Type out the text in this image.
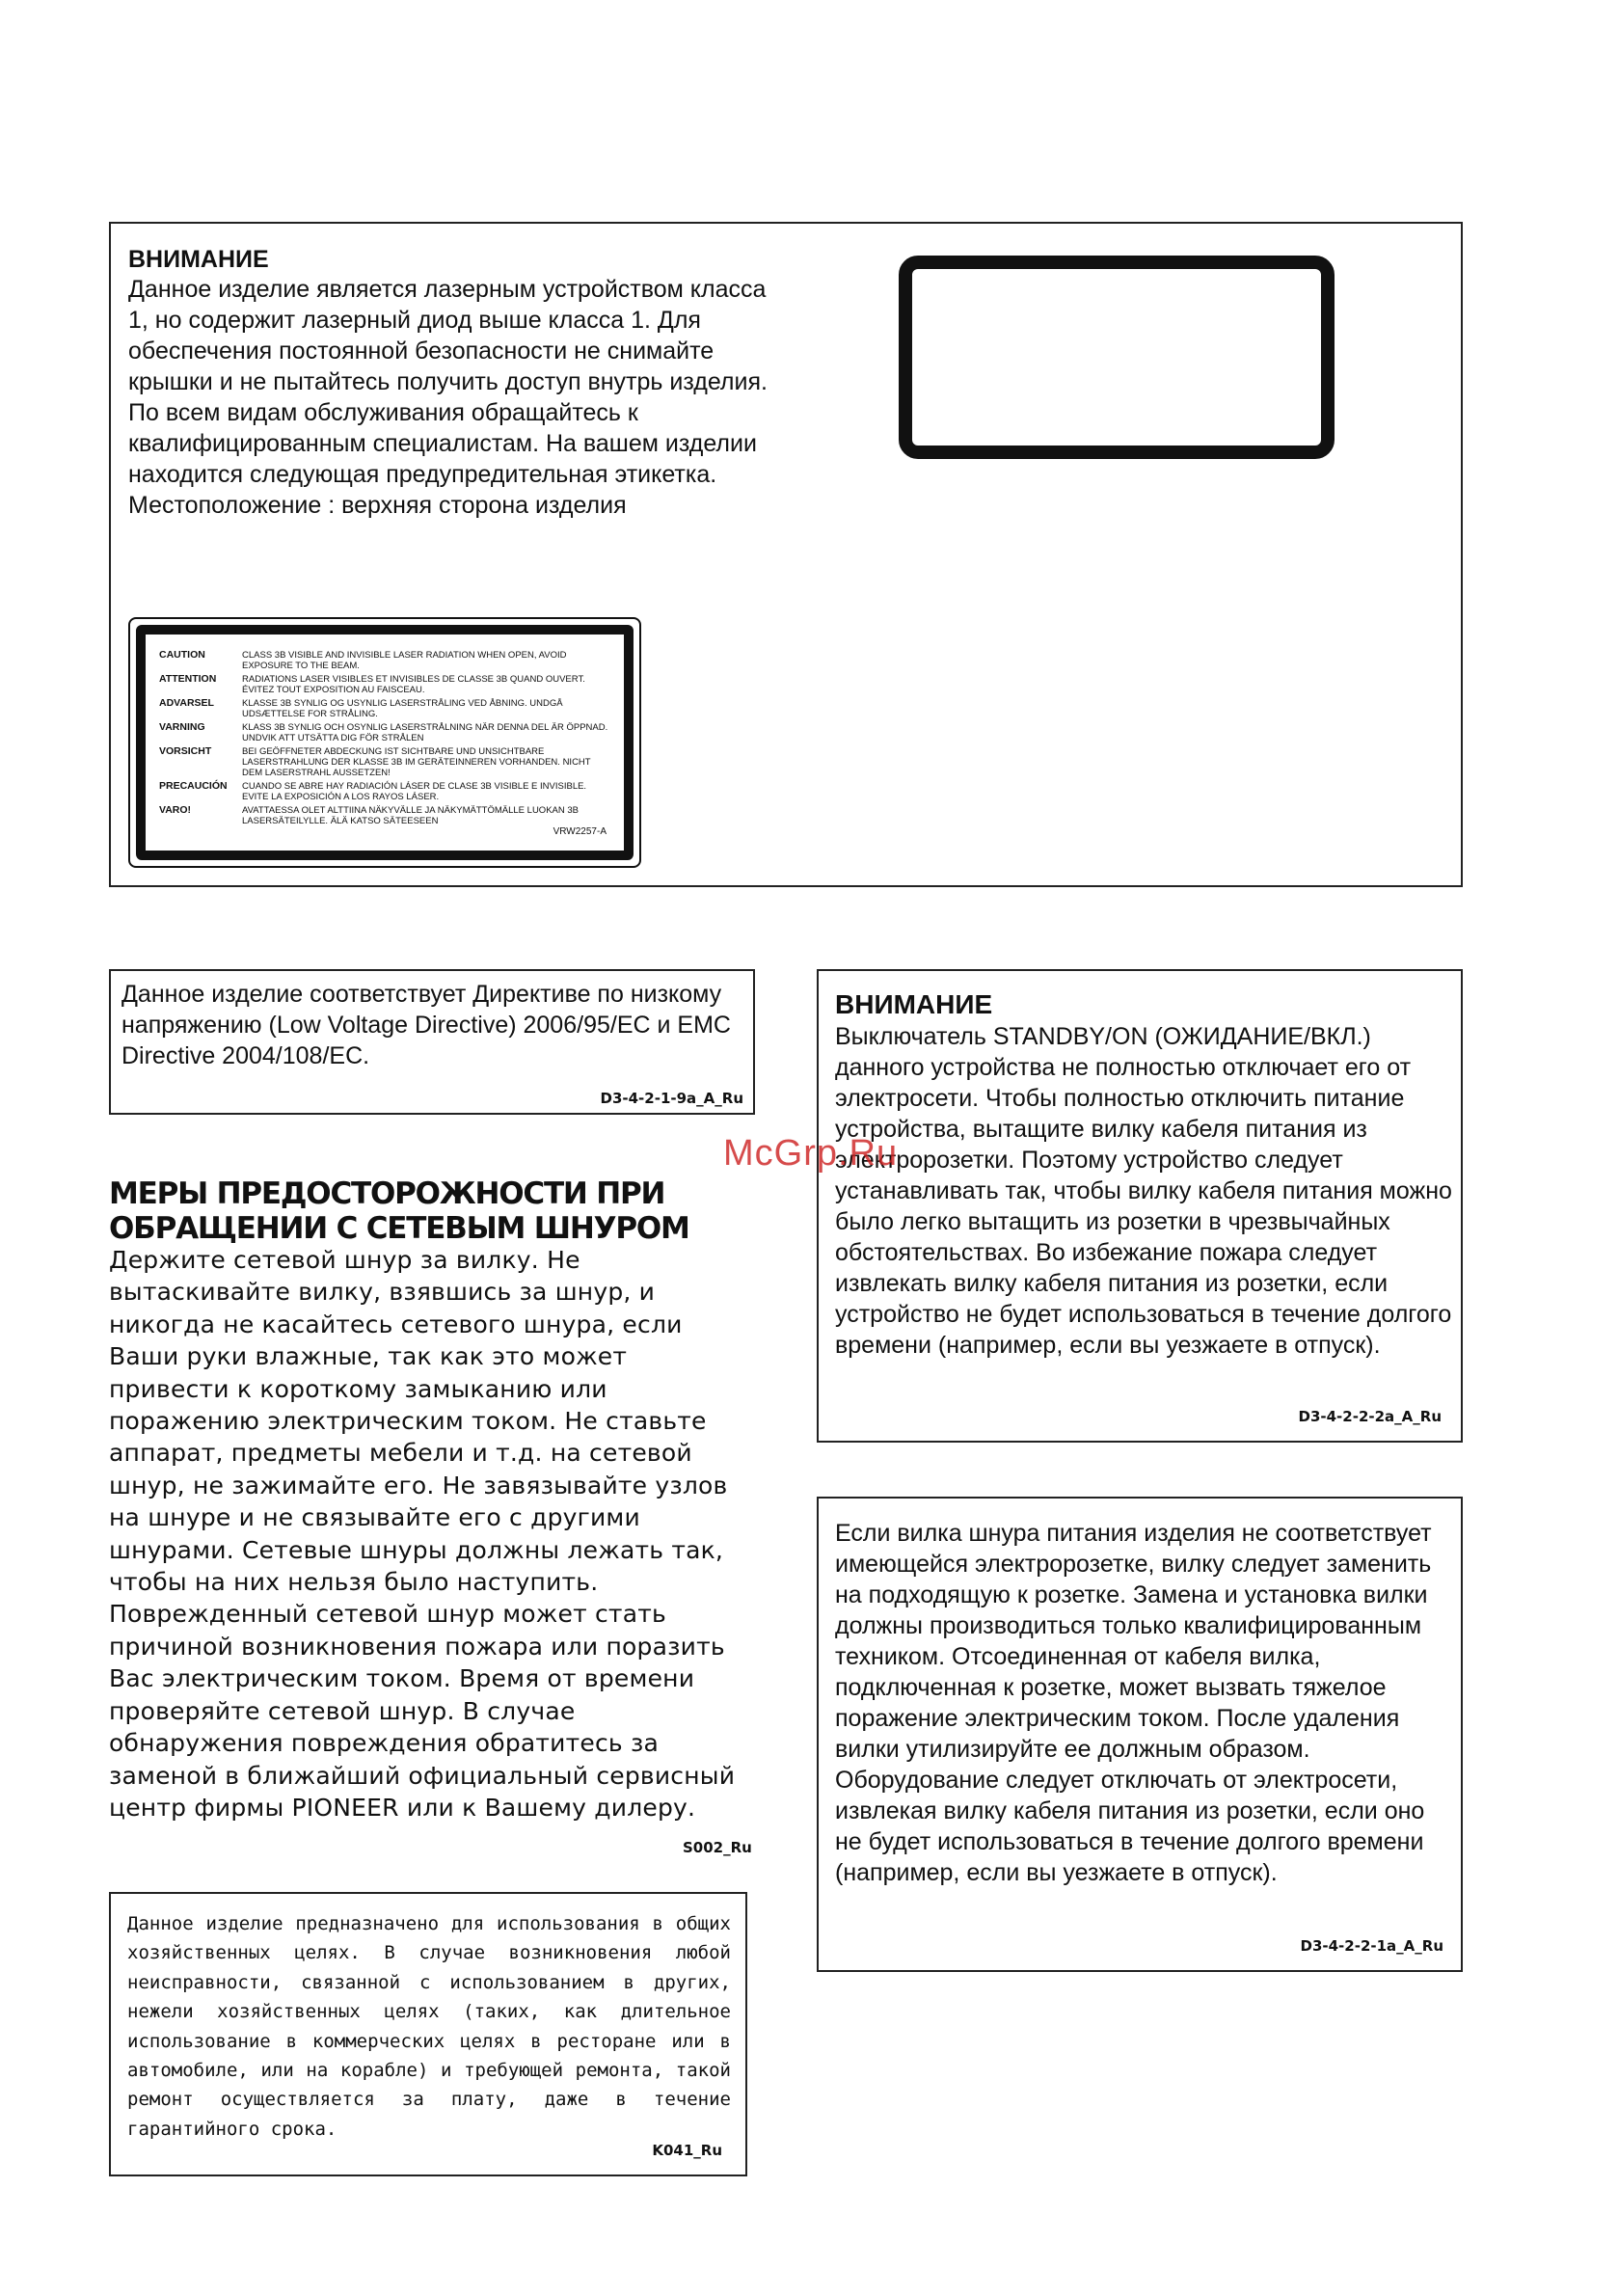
ВНИМАНИЕ

Данное изделие является лазерным устройством класса 1, но содержит лазерный диод выше класса 1. Для обеспечения постоянной безопасности не снимайте крышки и не пытайтесь получить доступ внутрь изделия. По всем видам обслуживания обращайтесь к квалифицированным специалистам. На вашем изделии находится следующая предупредительная этикетка. Местоположение : верхняя сторона изделия

CAUTION	CLASS 3B VISIBLE AND INVISIBLE LASER RADIATION WHEN OPEN, AVOID EXPOSURE TO THE BEAM.
ATTENTION	RADIATIONS LASER VISIBLES ET INVISIBLES DE CLASSE 3B QUAND OUVERT. ÉVITEZ TOUT EXPOSITION AU FAISCEAU.
ADVARSEL	KLASSE 3B SYNLIG OG USYNLIG LASERSTRÅLING VED ÅBNING. UNDGÅ UDSÆTTELSE FOR STRÅLING.
VARNING	KLASS 3B SYNLIG OCH OSYNLIG LASERSTRÅLNING NÄR DENNA DEL ÄR ÖPPNAD. UNDVIK ATT UTSÄTTA DIG FÖR STRÅLEN
VORSICHT	BEI GEÖFFNETER ABDECKUNG IST SICHTBARE UND UNSICHTBARE LASERSTRAHLUNG DER KLASSE 3B IM GERÄTEINNEREN VORHANDEN. NICHT DEM LASERSTRAHL AUSSETZEN!
PRECAUCIÓN	CUANDO SE ABRE HAY RADIACIÓN LÁSER DE CLASE 3B VISIBLE E INVISIBLE. EVITE LA EXPOSICIÓN A LOS RAYOS LÁSER.
VARO!	AVATTAESSA OLET ALTTIINA NÄKYVÄLLE JA NÄKYMÄTTÖMÄLLE LUOKAN 3B LASERSÄTEILYLLE. ÄLÄ KATSO SÄTEESEEN
VRW2257-A

Данное изделие соответствует Директиве по низкому напряжению (Low Voltage Directive) 2006/95/EC и EMC Directive 2004/108/EC.

D3-4-2-1-9a_A_Ru
МЕРЫ ПРЕДОСТОРОЖНОСТИ ПРИ
ОБРАЩЕНИИ С СЕТЕВЫМ ШНУРОМ

Держите сетевой шнур за вилку. Не вытаскивайте вилку, взявшись за шнур, и никогда не касайтесь сетевого шнура, если Ваши руки влажные, так как это может привести к короткому замыканию или поражению электрическим током. Не ставьте аппарат, предметы мебели и т.д. на сетевой шнур, не зажимайте его. Не завязывайте узлов на шнуре и не связывайте его с другими шнурами. Сетевые шнуры должны лежать так, чтобы на них нельзя было наступить. Поврежденный сетевой шнур может стать причиной возникновения пожара или поразить Вас электрическим током. Время от времени проверяйте сетевой шнур. В случае обнаружения повреждения обратитесь за заменой в ближайший официальный сервисный центр фирмы PIONEER или к Вашему дилеру.

S002_Ru

Данное изделие предназначено для использования в общих хозяйственных целях. В случае возникновения любой неисправности, связанной с использованием в других, нежели хозяйственных целях (таких, как длительное использование в коммерческих целях в ресторане или в автомобиле, или на корабле) и требующей ремонта, такой ремонт осуществляется за плату, даже в течение гарантийного срока.

K041_Ru
ВНИМАНИЕ

Выключатель STANDBY/ON (ОЖИДАНИЕ/ВКЛ.) данного устройства не полностью отключает его от электросети. Чтобы полностью отключить питание устройства, вытащите вилку кабеля питания из электророзетки. Поэтому устройство следует устанавливать так, чтобы вилку кабеля питания можно было легко вытащить из розетки в чрезвычайных обстоятельствах. Во избежание пожара следует извлекать вилку кабеля питания из розетки, если устройство не будет использоваться в течение долгого времени (например, если вы уезжаете в отпуск).

D3-4-2-2-2a_A_Ru

Если вилка шнура питания изделия не соответствует имеющейся электророзетке, вилку следует заменить на подходящую к розетке. Замена и установка вилки должны производиться только квалифицированным техником. Отсоединенная от кабеля вилка, подключенная к розетке, может вызвать тяжелое поражение электрическим током. После удаления вилки утилизируйте ее должным образом. Оборудование следует отключать от электросети, извлекая вилку кабеля питания из розетки, если оно не будет использоваться в течение долгого времени (например, если вы уезжаете в отпуск).

D3-4-2-2-1a_A_Ru
McGrp.Ru
